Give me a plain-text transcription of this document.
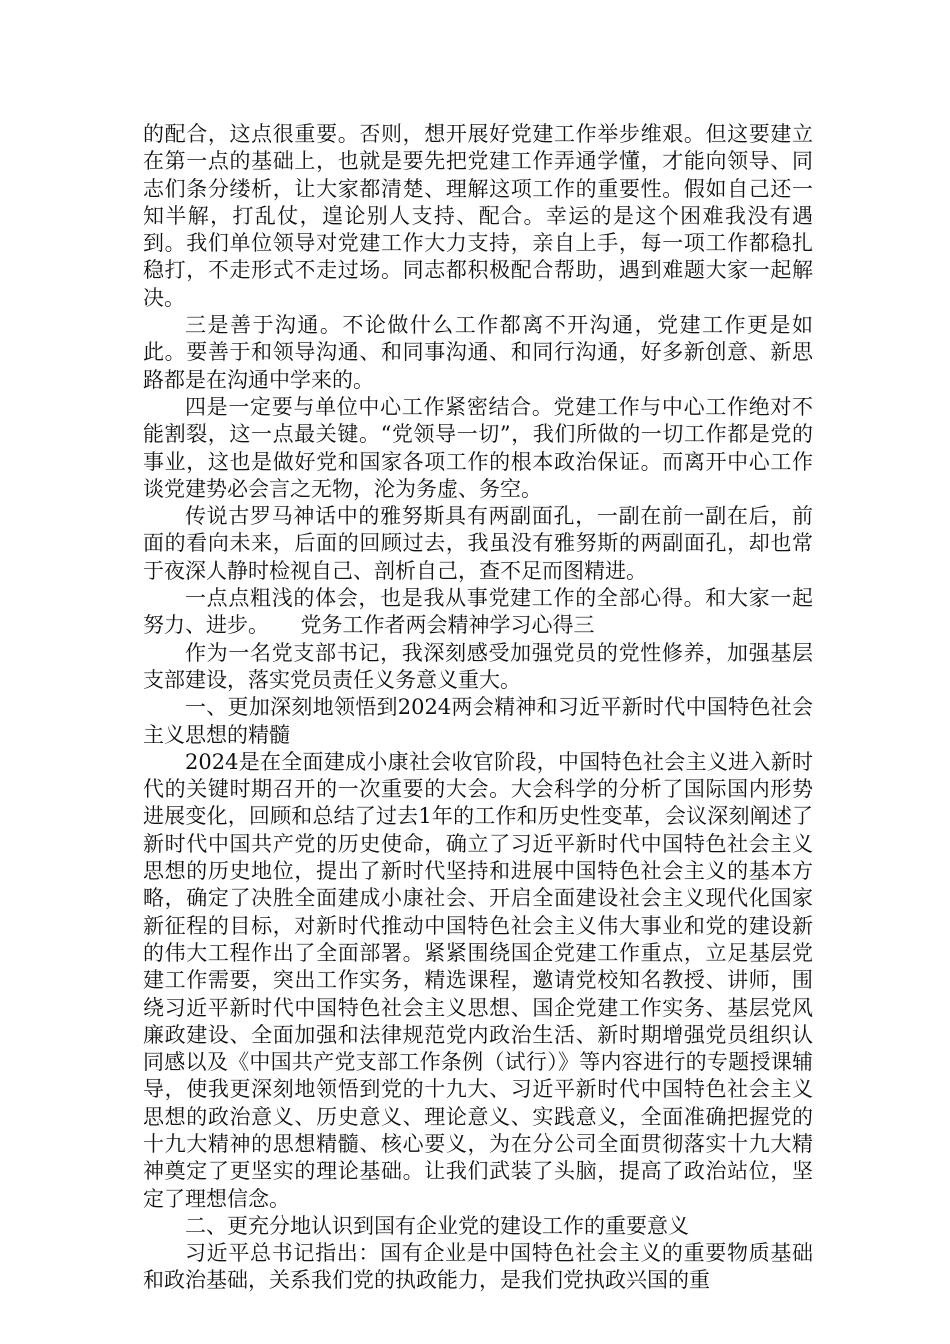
的配合，这点很重要。否则，想开展好党建工作举步维艰。但这要建立在第一点的基础上，也就是要先把党建工作弄通学懂，才能向领导、同志们条分缕析，让大家都清楚、理解这项工作的重要性。假如自己还一知半解，打乱仗，遑论别人支持、配合。幸运的是这个困难我没有遇到。我们单位领导对党建工作大力支持，亲自上手，每一项工作都稳扎稳打，不走形式不走过场。同志都积极配合帮助，遇到难题大家一起解决。

三是善于沟通。不论做什么工作都离不开沟通，党建工作更是如此。要善于和领导沟通、和同事沟通、和同行沟通，好多新创意、新思路都是在沟通中学来的。

四是一定要与单位中心工作紧密结合。党建工作与中心工作绝对不能割裂，这一点最关键。“党领导一切”，我们所做的一切工作都是党的事业，这也是做好党和国家各项工作的根本政治保证。而离开中心工作谈党建势必会言之无物，沦为务虚、务空。

传说古罗马神话中的雅努斯具有两副面孔，一副在前一副在后，前面的看向未来，后面的回顾过去，我虽没有雅努斯的两副面孔，却也常于夜深人静时检视自己、剖析自己，查不足而图精进。

一点点粗浅的体会，也是我从事党建工作的全部心得。和大家一起努力、进步。　　党务工作者两会精神学习心得三

作为一名党支部书记，我深刻感受加强党员的党性修养，加强基层支部建设，落实党员责任义务意义重大。

一、更加深刻地领悟到2024两会精神和习近平新时代中国特色社会主义思想的精髓

2024是在全面建成小康社会收官阶段，中国特色社会主义进入新时代的关键时期召开的一次重要的大会。大会科学的分析了国际国内形势进展变化，回顾和总结了过去1年的工作和历史性变革，会议深刻阐述了新时代中国共产党的历史使命，确立了习近平新时代中国特色社会主义思想的历史地位，提出了新时代坚持和进展中国特色社会主义的基本方略，确定了决胜全面建成小康社会、开启全面建设社会主义现代化国家新征程的目标，对新时代推动中国特色社会主义伟大事业和党的建设新的伟大工程作出了全面部署。紧紧围绕国企党建工作重点，立足基层党建工作需要，突出工作实务，精选课程，邀请党校知名教授、讲师，围绕习近平新时代中国特色社会主义思想、国企党建工作实务、基层党风廉政建设、全面加强和法律规范党内政治生活、新时期增强党员组织认同感以及《中国共产党支部工作条例（试行）》等内容进行的专题授课辅导，使我更深刻地领悟到党的十九大、习近平新时代中国特色社会主义思想的政治意义、历史意义、理论意义、实践意义，全面准确把握党的十九大精神的思想精髓、核心要义，为在分公司全面贯彻落实十九大精神奠定了更坚实的理论基础。让我们武装了头脑，提高了政治站位，坚定了理想信念。

二、更充分地认识到国有企业党的建设工作的重要意义

习近平总书记指出：国有企业是中国特色社会主义的重要物质基础和政治基础，关系我们党的执政能力，是我们党执政兴国的重
